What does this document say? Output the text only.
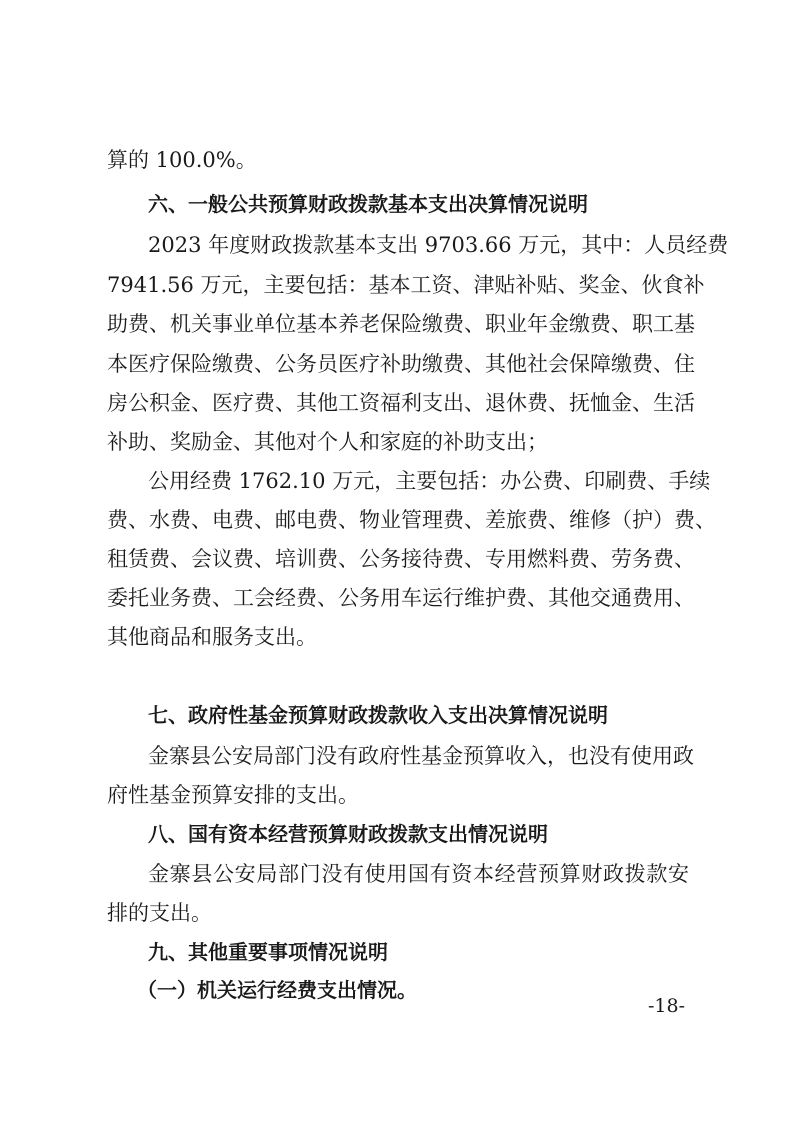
算的 100.0%。
六、一般公共预算财政拨款基本支出决算情况说明
2023 年度财政拨款基本支出 9703.66 万元，其中：人员经费
7941.56 万元，主要包括：基本工资、津贴补贴、奖金、伙食补
助费、机关事业单位基本养老保险缴费、职业年金缴费、职工基
本医疗保险缴费、公务员医疗补助缴费、其他社会保障缴费、住
房公积金、医疗费、其他工资福利支出、退休费、抚恤金、生活
补助、奖励金、其他对个人和家庭的补助支出；
公用经费 1762.10 万元，主要包括：办公费、印刷费、手续
费、水费、电费、邮电费、物业管理费、差旅费、维修（护）费、
租赁费、会议费、培训费、公务接待费、专用燃料费、劳务费、
委托业务费、工会经费、公务用车运行维护费、其他交通费用、
其他商品和服务支出。
七、政府性基金预算财政拨款收入支出决算情况说明
金寨县公安局部门没有政府性基金预算收入，也没有使用政
府性基金预算安排的支出。
八、国有资本经营预算财政拨款支出情况说明
金寨县公安局部门没有使用国有资本经营预算财政拨款安
排的支出。
九、其他重要事项情况说明
（一）机关运行经费支出情况。
-18-
